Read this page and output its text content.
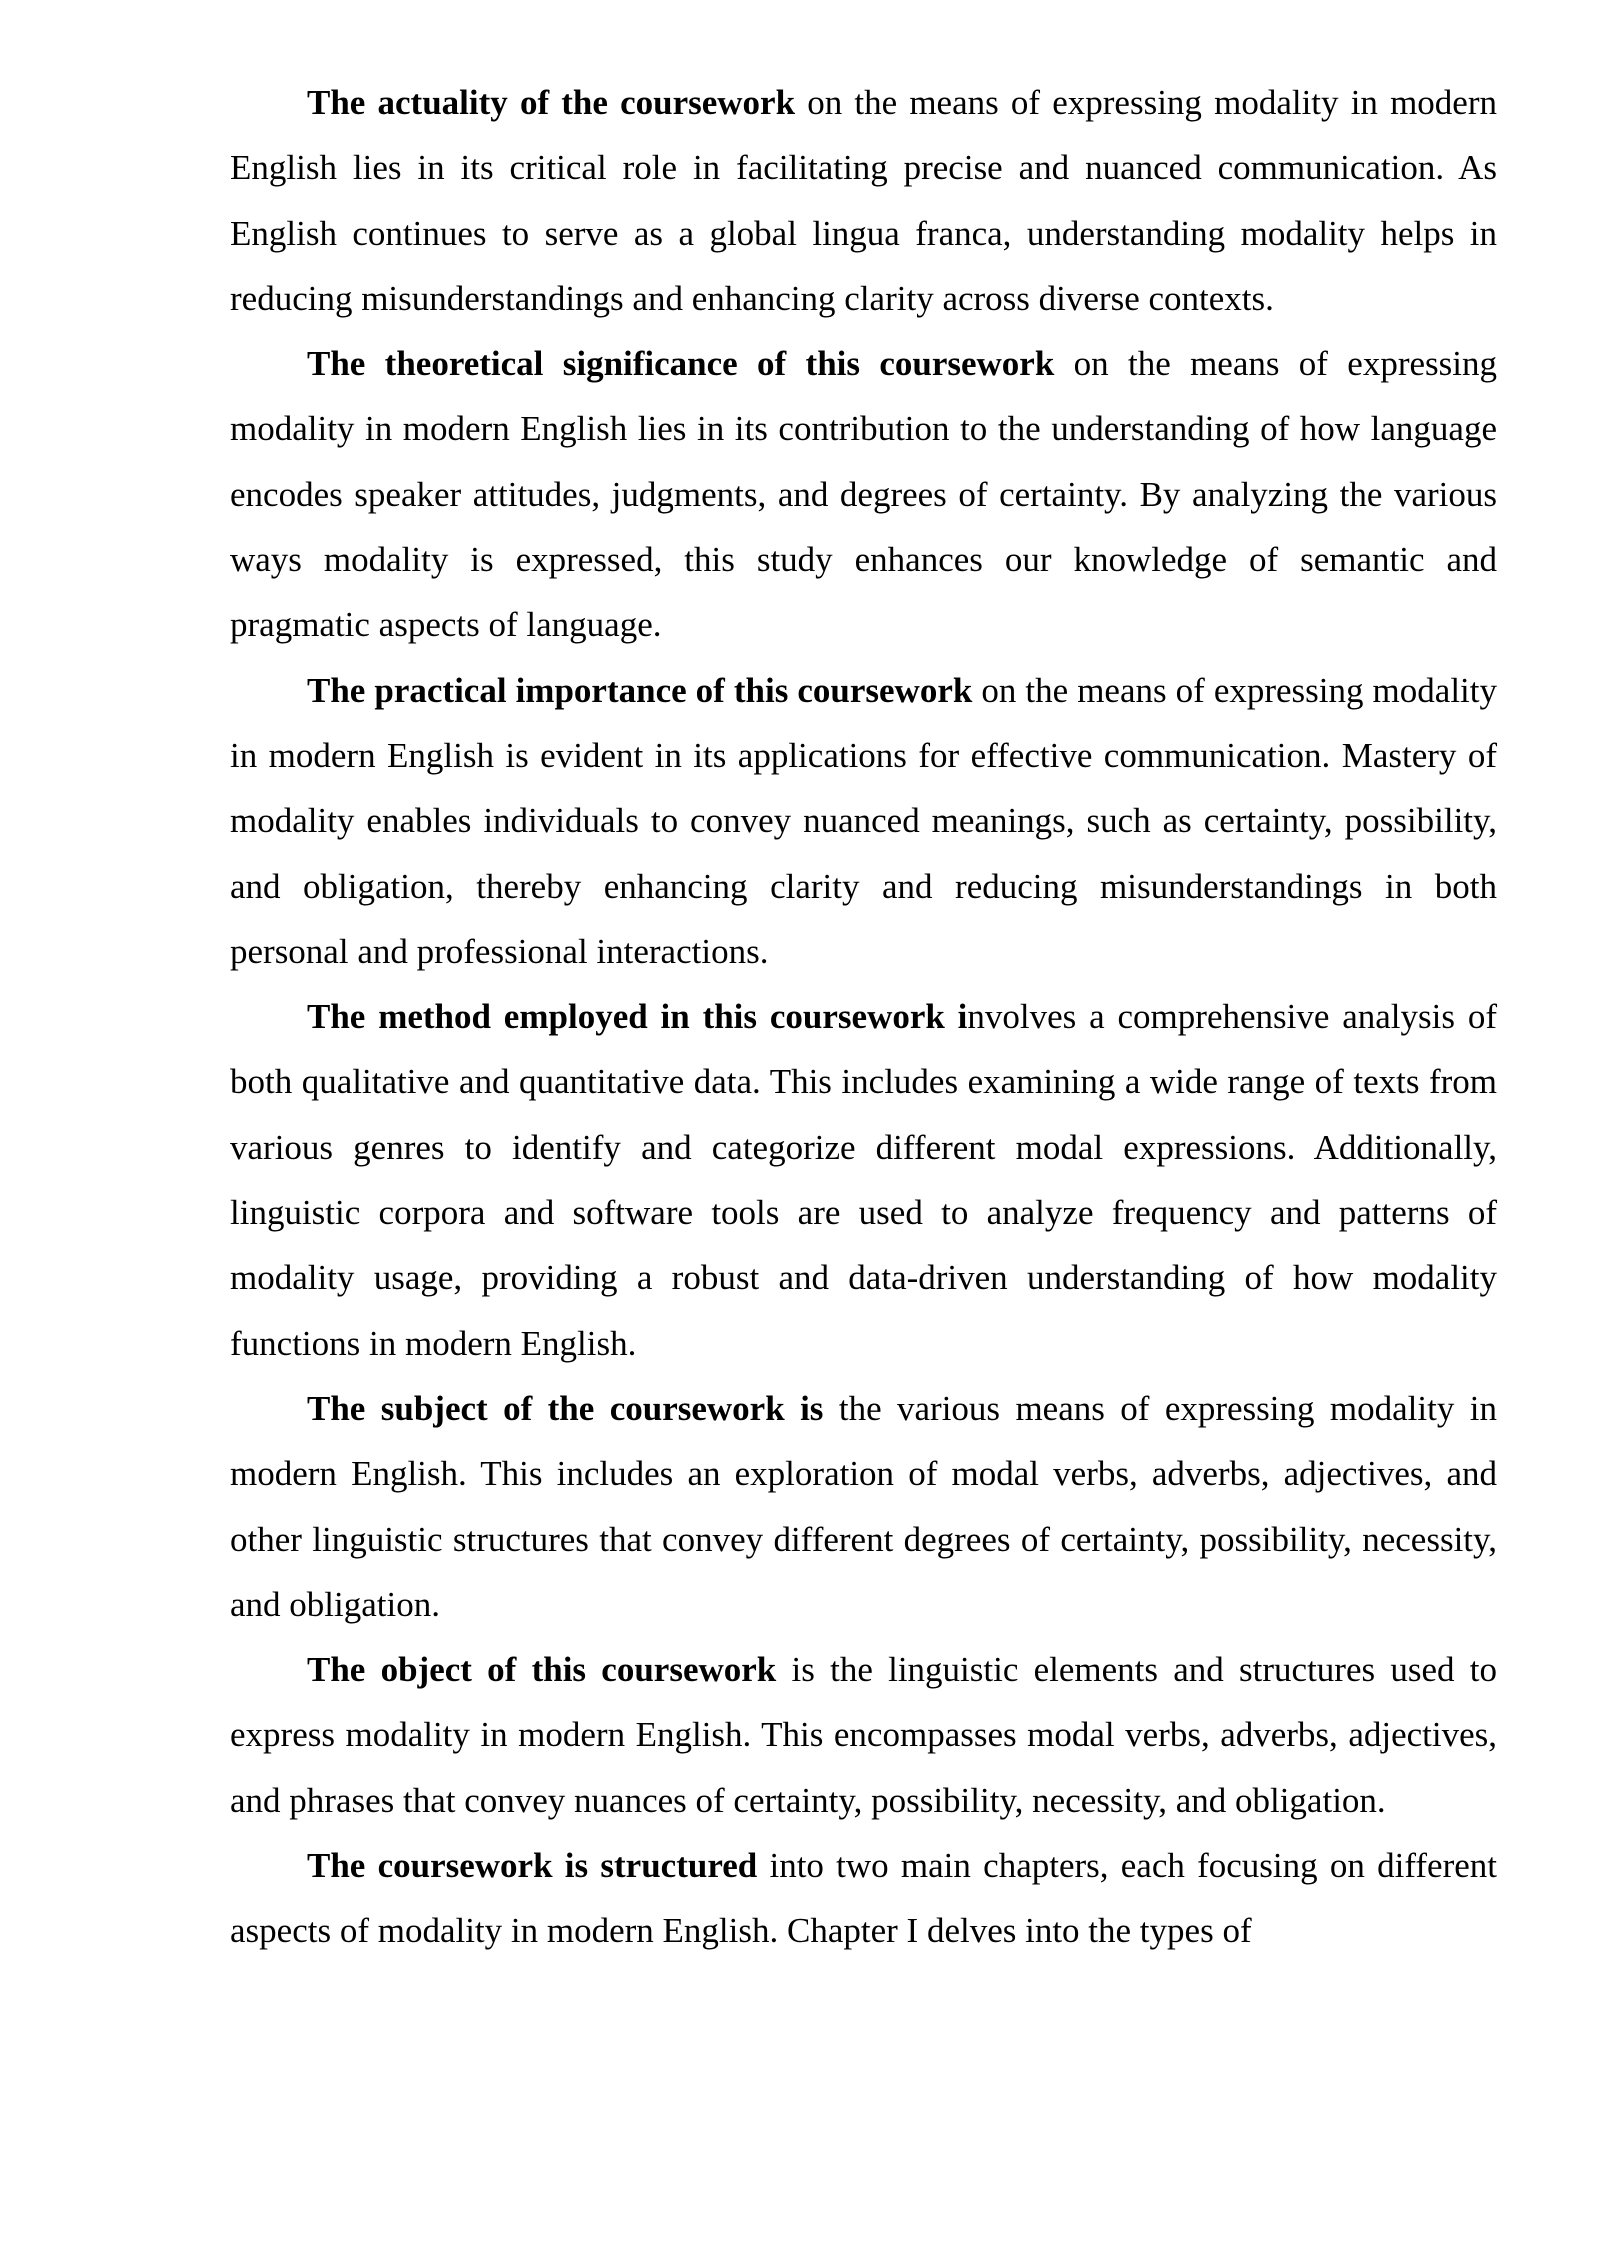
The actuality of the coursework on the means of expressing modality in modern English lies in its critical role in facilitating precise and nuanced communication. As English continues to serve as a global lingua franca, understanding modality helps in reducing misunderstandings and enhancing clarity across diverse contexts.

The theoretical significance of this coursework on the means of expressing modality in modern English lies in its contribution to the understanding of how language encodes speaker attitudes, judgments, and degrees of certainty. By analyzing the various ways modality is expressed, this study enhances our knowledge of semantic and pragmatic aspects of language.

The practical importance of this coursework on the means of expressing modality in modern English is evident in its applications for effective communication. Mastery of modality enables individuals to convey nuanced meanings, such as certainty, possibility, and obligation, thereby enhancing clarity and reducing misunderstandings in both personal and professional interactions.

The method employed in this coursework involves a comprehensive analysis of both qualitative and quantitative data. This includes examining a wide range of texts from various genres to identify and categorize different modal expressions. Additionally, linguistic corpora and software tools are used to analyze frequency and patterns of modality usage, providing a robust and data-driven understanding of how modality functions in modern English.

The subject of the coursework is the various means of expressing modality in modern English. This includes an exploration of modal verbs, adverbs, adjectives, and other linguistic structures that convey different degrees of certainty, possibility, necessity, and obligation.

The object of this coursework is the linguistic elements and structures used to express modality in modern English. This encompasses modal verbs, adverbs, adjectives, and phrases that convey nuances of certainty, possibility, necessity, and obligation.

The coursework is structured into two main chapters, each focusing on different aspects of modality in modern English. Chapter I delves into the types of
